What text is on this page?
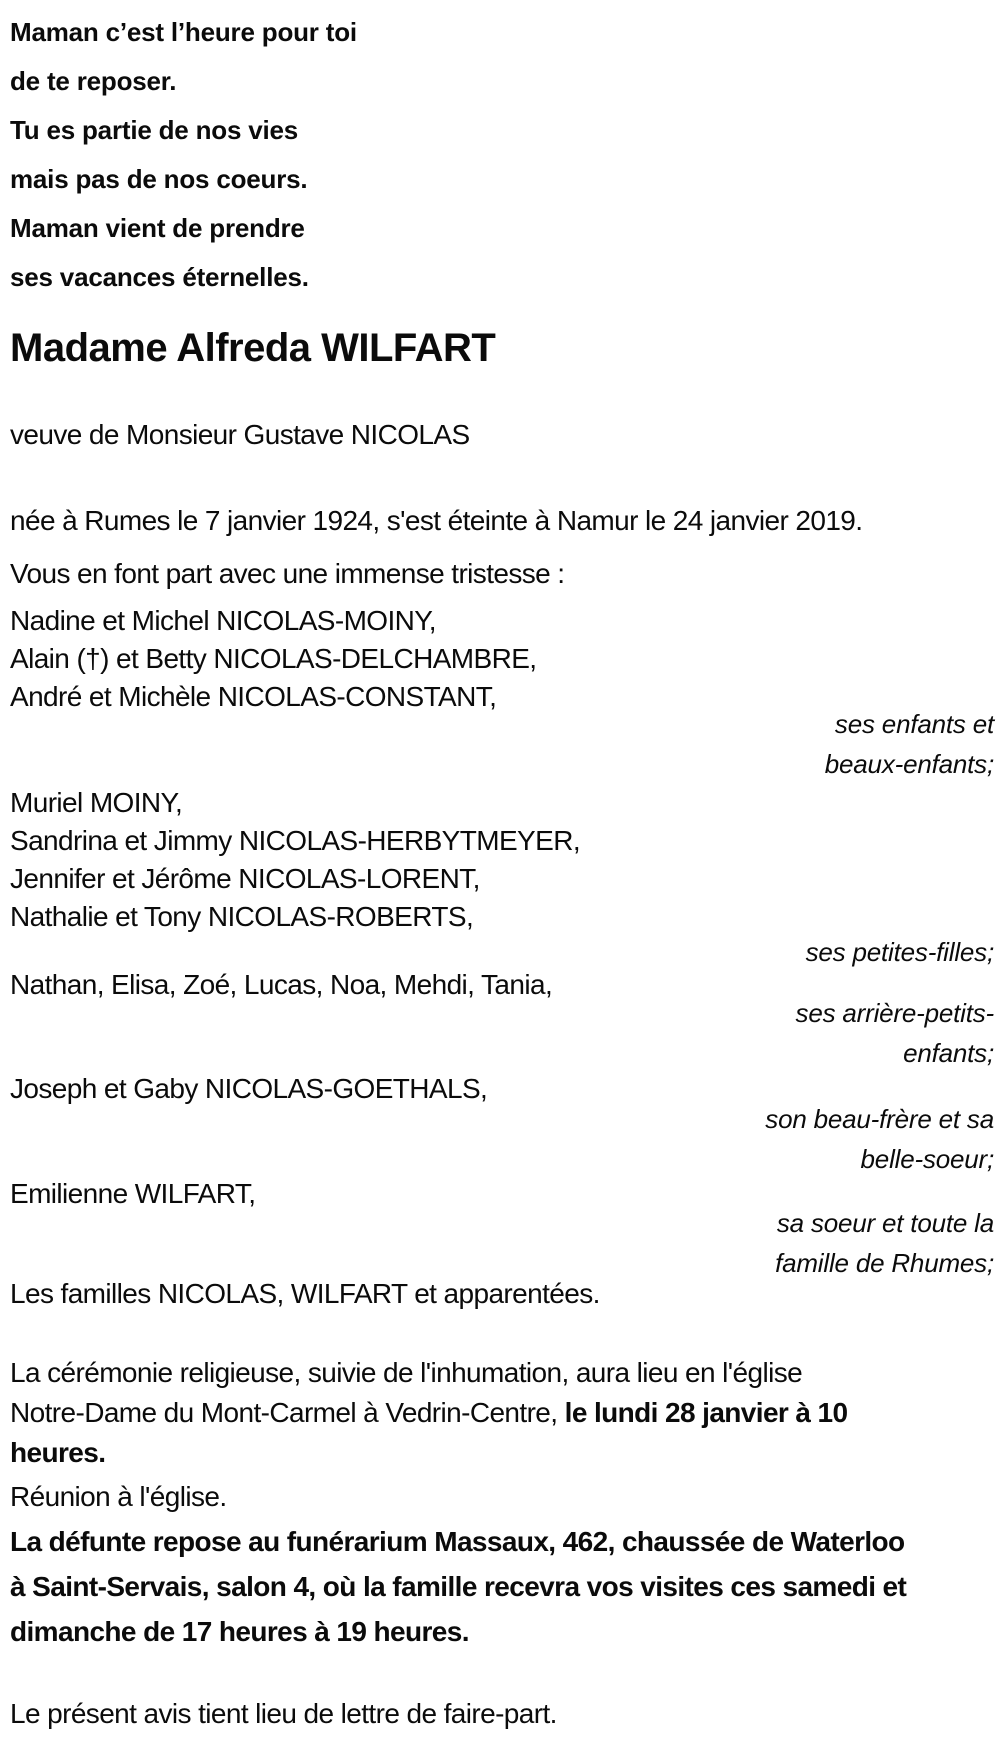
Maman c’est l’heure pour toi
de te reposer.
Tu es partie de nos vies
mais pas de nos coeurs.
Maman vient de prendre
ses vacances éternelles.
Madame Alfreda WILFART
veuve de Monsieur Gustave NICOLAS
née à Rumes le 7 janvier 1924, s'est éteinte à Namur le 24 janvier 2019.
Vous en font part avec une immense tristesse :
Nadine et Michel NICOLAS-MOINY,
Alain (†) et Betty NICOLAS-DELCHAMBRE,
André et Michèle NICOLAS-CONSTANT,
ses enfants et
beaux-enfants;
Muriel MOINY,
Sandrina et Jimmy NICOLAS-HERBYTMEYER,
Jennifer et Jérôme NICOLAS-LORENT,
Nathalie et Tony NICOLAS-ROBERTS,
ses petites-filles;
Nathan, Elisa, Zoé, Lucas, Noa, Mehdi, Tania,
ses arrière-petits-
enfants;
Joseph et Gaby NICOLAS-GOETHALS,
son beau-frère et sa
belle-soeur;
Emilienne WILFART,
sa soeur et toute la
famille de Rhumes;
Les familles NICOLAS, WILFART et apparentées.
La cérémonie religieuse, suivie de l'inhumation, aura lieu en l'église
Notre-Dame du Mont-Carmel à Vedrin-Centre, le lundi 28 janvier à 10
heures.
Réunion à l'église.
La défunte repose au funérarium Massaux, 462, chaussée de Waterloo
à Saint-Servais, salon 4, où la famille recevra vos visites ces samedi et
dimanche de 17 heures à 19 heures.
Le présent avis tient lieu de lettre de faire-part.
